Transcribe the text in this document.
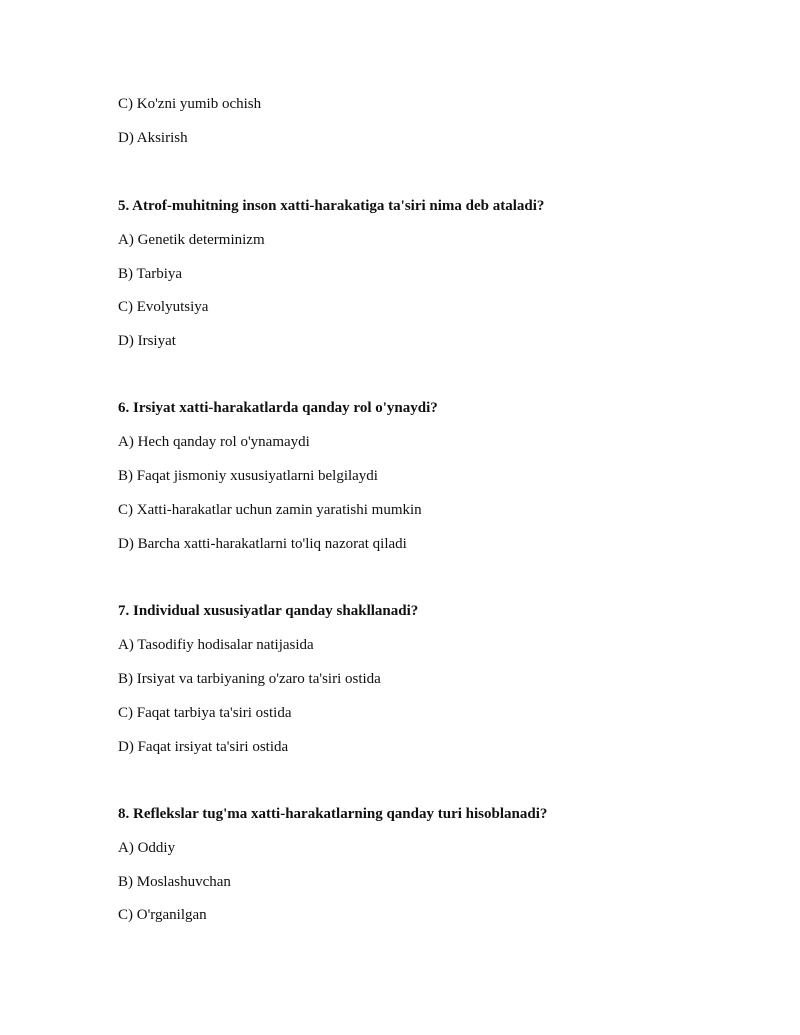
C) Ko'zni yumib ochish
D) Aksirish
5. Atrof-muhitning inson xatti-harakatiga ta'siri nima deb ataladi?
A) Genetik determinizm
B) Tarbiya
C) Evolyutsiya
D) Irsiyat
6. Irsiyat xatti-harakatlarda qanday rol o'ynaydi?
A) Hech qanday rol o'ynamaydi
B) Faqat jismoniy xususiyatlarni belgilaydi
C) Xatti-harakatlar uchun zamin yaratishi mumkin
D) Barcha xatti-harakatlarni to'liq nazorat qiladi
7. Individual xususiyatlar qanday shakllanadi?
A) Tasodifiy hodisalar natijasida
B) Irsiyat va tarbiyaning o'zaro ta'siri ostida
C) Faqat tarbiya ta'siri ostida
D) Faqat irsiyat ta'siri ostida
8. Reflekslar tug'ma xatti-harakatlarning qanday turi hisoblanadi?
A) Oddiy
B) Moslashuvchan
C) O'rganilgan
